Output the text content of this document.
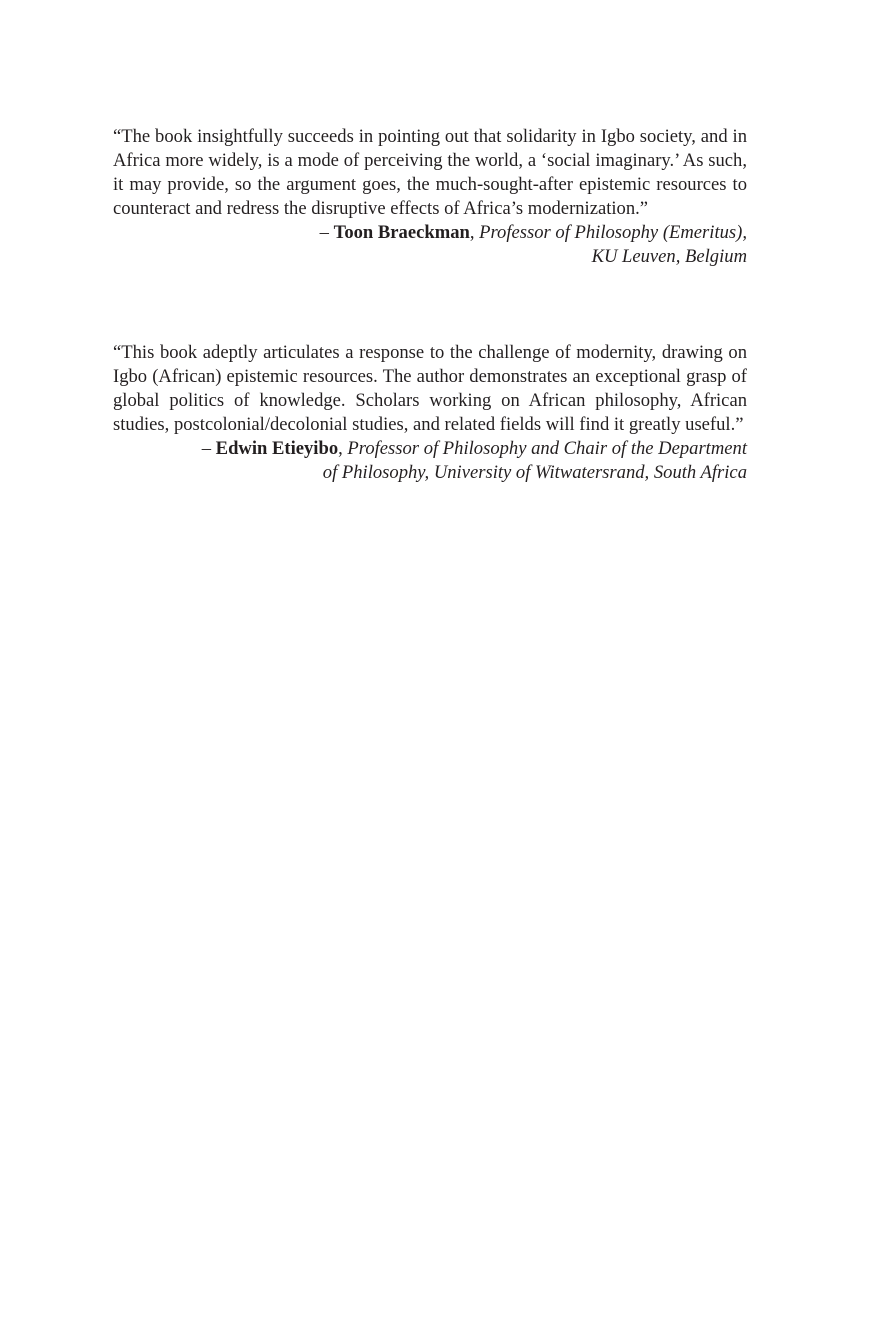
“The book insightfully succeeds in pointing out that solidarity in Igbo society, and in Africa more widely, is a mode of perceiving the world, a ‘social imaginary.’ As such, it may provide, so the argument goes, the much-sought-after epistemic resources to counteract and redress the disruptive effects of Africa’s modernization.”

– Toon Braeckman, Professor of Philosophy (Emeritus),
KU Leuven, Belgium

“This book adeptly articulates a response to the challenge of modernity, drawing on Igbo (African) epistemic resources. The author demonstrates an exceptional grasp of global politics of knowledge. Scholars working on African philosophy, African studies, postcolonial/decolonial studies, and related fields will find it greatly useful.”

– Edwin Etieyibo, Professor of Philosophy and Chair of the Department
of Philosophy, University of Witwatersrand, South Africa
